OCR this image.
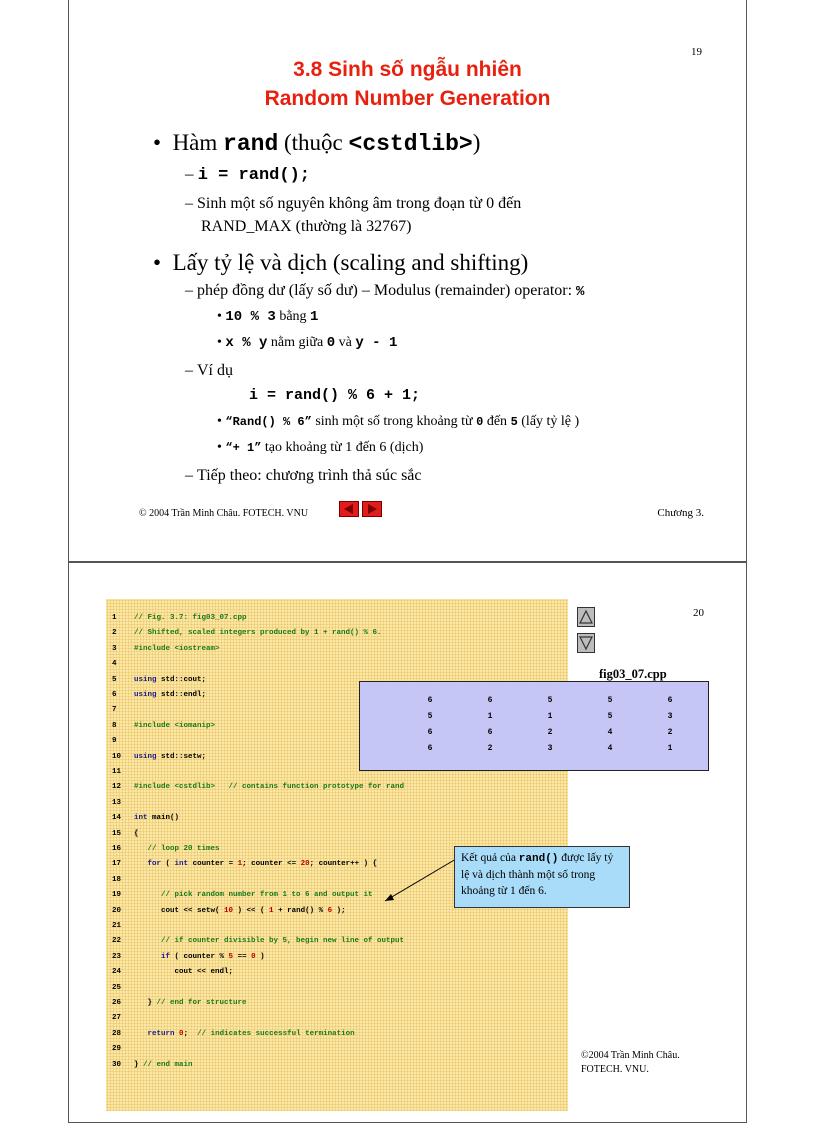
19
3.8 Sinh số ngẫu nhiên
Random Number Generation
•  Hàm rand (thuộc <cstdlib>)
– i = rand();
– Sinh một số nguyên không âm trong đoạn từ 0 đến
RAND_MAX (thường là 32767)
•  Lấy tỷ lệ và dịch (scaling and shifting)
– phép đồng dư (lấy số dư) – Modulus (remainder) operator: %
• 10 % 3 bằng 1
• x % y nằm giữa 0 và y - 1
– Ví dụ
i = rand() % 6 + 1;
• “Rand() % 6” sinh một số trong khoảng từ 0 đến 5 (lấy tỷ lệ )
• “+ 1” tạo khoảng từ 1 đến 6 (dịch)
– Tiếp theo: chương trình thả súc sắc
© 2004 Trần Minh Châu. FOTECH. VNU	Chương 3.
20
1	// Fig. 3.7: fig03_07.cpp
2	// Shifted, scaled integers produced by 1 + rand() % 6.
3	#include <iostream>
4
5	using std::cout;
6	using std::endl;
7
8	#include <iomanip>
9
10	using std::setw;
11
12	#include <cstdlib>   // contains function prototype for rand
13
14	int main()
15	{
16	// loop 20 times
17	for ( int counter = 1; counter <= 20; counter++ ) {
18
19	// pick random number from 1 to 6 and output it
20	cout << setw( 10 ) << ( 1 + rand() % 6 );
21
22	// if counter divisible by 5, begin new line of output
23	if ( counter % 5 == 0 )
24	cout << endl;
25
26	} // end for structure
27
28	return 0;  // indicates successful termination
29
30	} // end main
fig03_07.cpp
6	6	5	5	6
5	1	1	5	3
6	6	2	4	2
6	2	3	4	1
Kết quả của rand() được lấy tỷ lệ và dịch thành một số trong khoảng từ 1 đến 6.
©2004 Trần Minh Châu.
FOTECH. VNU.
